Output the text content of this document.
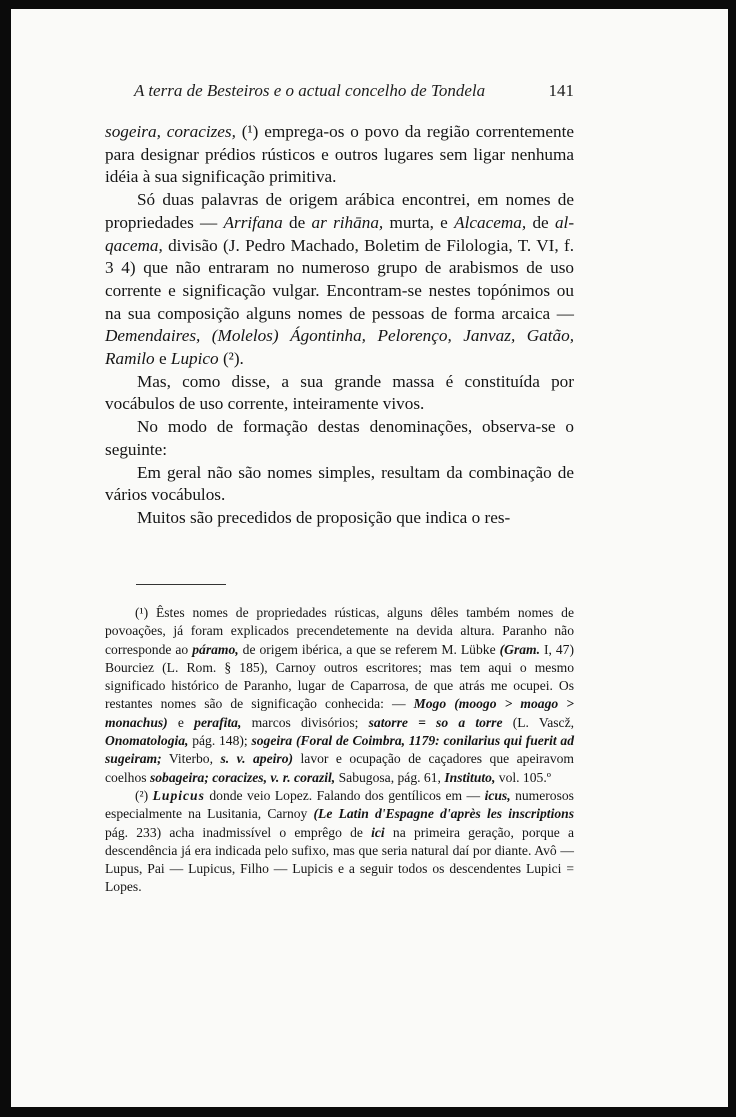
A terra de Besteiros e o actual concelho de Tondela	141

sogeira, coracizes, (¹) emprega-os o povo da região correntemente para designar prédios rústicos e outros lugares sem ligar nenhuma idéia à sua significação primitiva.

Só duas palavras de origem arábica encontrei, em nomes de propriedades — Arrifana de ar rihāna, murta, e Alcacema, de al-qacema, divisão (J. Pedro Machado, Boletim de Filologia, T. VI, f. 3 4) que não entraram no numeroso grupo de arabismos de uso corrente e significação vulgar. Encontram-se nestes topónimos ou na sua composição alguns nomes de pessoas de forma arcaica — Demendaires, (Molelos) Ágontinha, Pelorenço, Janvaz, Gatão, Ramilo e Lupico (²).

Mas, como disse, a sua grande massa é constituída por vocábulos de uso corrente, inteiramente vivos.

No modo de formação destas denominações, observa-se o seguinte:

Em geral não são nomes simples, resultam da combinação de vários vocábulos.

Muitos são precedidos de proposição que indica o res-

(¹) Êstes nomes de propriedades rústicas, alguns dêles também nomes de povoações, já foram explicados precendetemente na devida altura. Paranho não corresponde ao páramo, de origem ibérica, a que se referem M. Lübke (Gram. I, 47) Bourciez (L. Rom. § 185), Carnoy outros escritores; mas tem aqui o mesmo significado histórico de Paranho, lugar de Caparrosa, de que atrás me ocupei. Os restantes nomes são de significação conhecida: — Mogo (moogo > moago > monachus) e perafita, marcos divisórios; satorre = so a torre (L. Vascž, Onomatologia, pág. 148); sogeira (Foral de Coimbra, 1179: conilarius qui fuerit ad sugeiram; Viterbo, s. v. apeiro) lavor e ocupação de caçadores que apeiravom coelhos sobageira; coracizes, v. r. corazil, Sabugosa, pág. 61, Instituto, vol. 105.º

(²) Lupicus donde veio Lopez. Falando dos gentílicos em — icus, numerosos especialmente na Lusitania, Carnoy (Le Latin d'Espagne d'après les inscriptions pág. 233) acha inadmissível o emprêgo de ici na primeira geração, porque a descendência já era indicada pelo sufixo, mas que seria natural daí por diante. Avô — Lupus, Pai — Lupicus, Filho — Lupicis e a seguir todos os descendentes Lupici = Lopes.
